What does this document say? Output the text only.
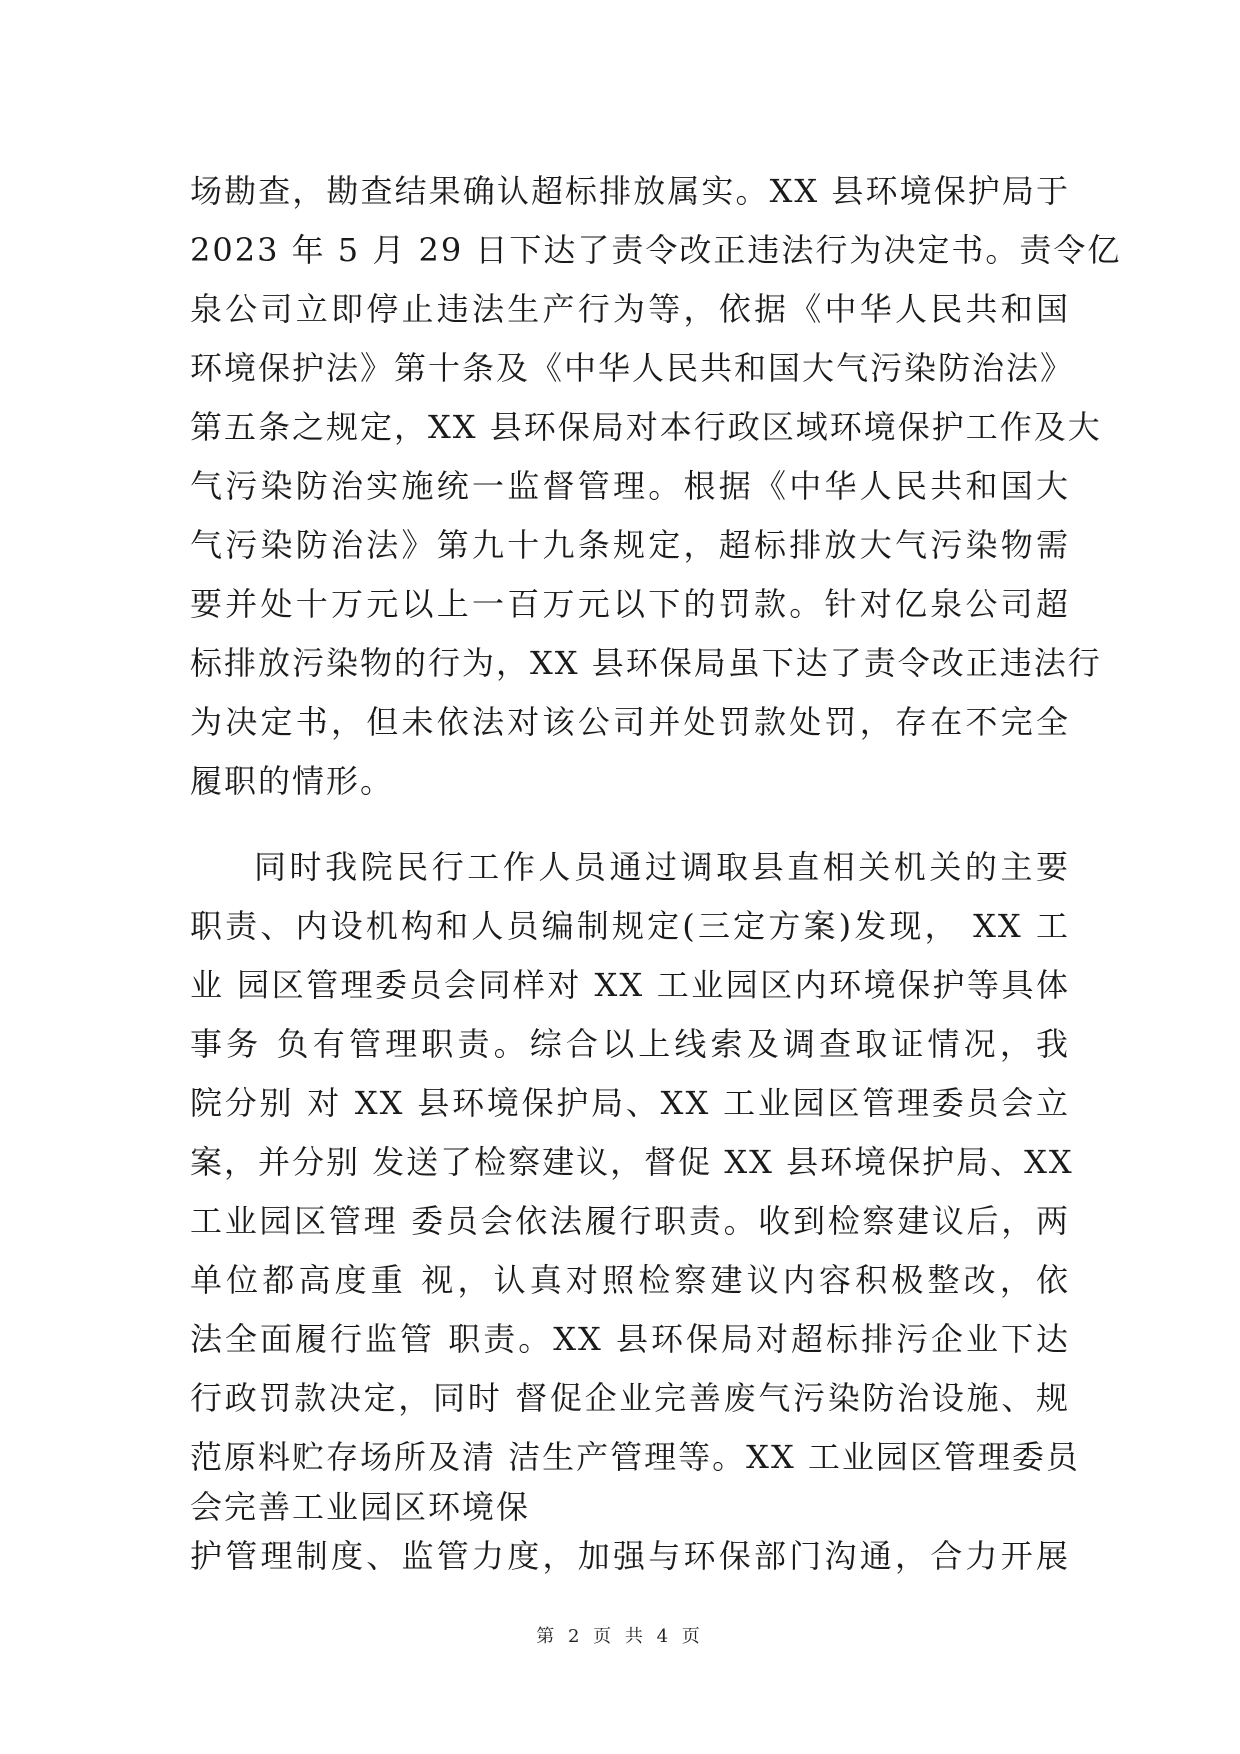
场勘查，勘查结果确认超标排放属实。XX 县环境保护局于
2023 年 5 月 29 日下达了责令改正违法行为决定书。责令亿
泉公司立即停止违法生产行为等，依据《中华人民共和国
环境保护法》第十条及《中华人民共和国大气污染防治法》
第五条之规定，XX 县环保局对本行政区域环境保护工作及大
气污染防治实施统一监督管理。根据《中华人民共和国大
气污染防治法》第九十九条规定，超标排放大气污染物需
要并处十万元以上一百万元以下的罚款。针对亿泉公司超
标排放污染物的行为，XX 县环保局虽下达了责令改正违法行
为决定书，但未依法对该公司并处罚款处罚，存在不完全
履职的情形。
同时我院民行工作人员通过调取县直相关机关的主要
职责、内设机构和人员编制规定(三定方案)发现， XX 工
业 园区管理委员会同样对 XX 工业园区内环境保护等具体
事务 负有管理职责。综合以上线索及调查取证情况，我
院分别 对 XX 县环境保护局、XX 工业园区管理委员会立
案，并分别 发送了检察建议，督促 XX 县环境保护局、XX
工业园区管理 委员会依法履行职责。收到检察建议后，两
单位都高度重 视，认真对照检察建议内容积极整改，依
法全面履行监管 职责。XX 县环保局对超标排污企业下达
行政罚款决定，同时 督促企业完善废气污染防治设施、规
范原料贮存场所及清 洁生产管理等。XX 工业园区管理委员
会完善工业园区环境保
护管理制度、监管力度，加强与环保部门沟通，合力开展
第 2 页 共 4 页
